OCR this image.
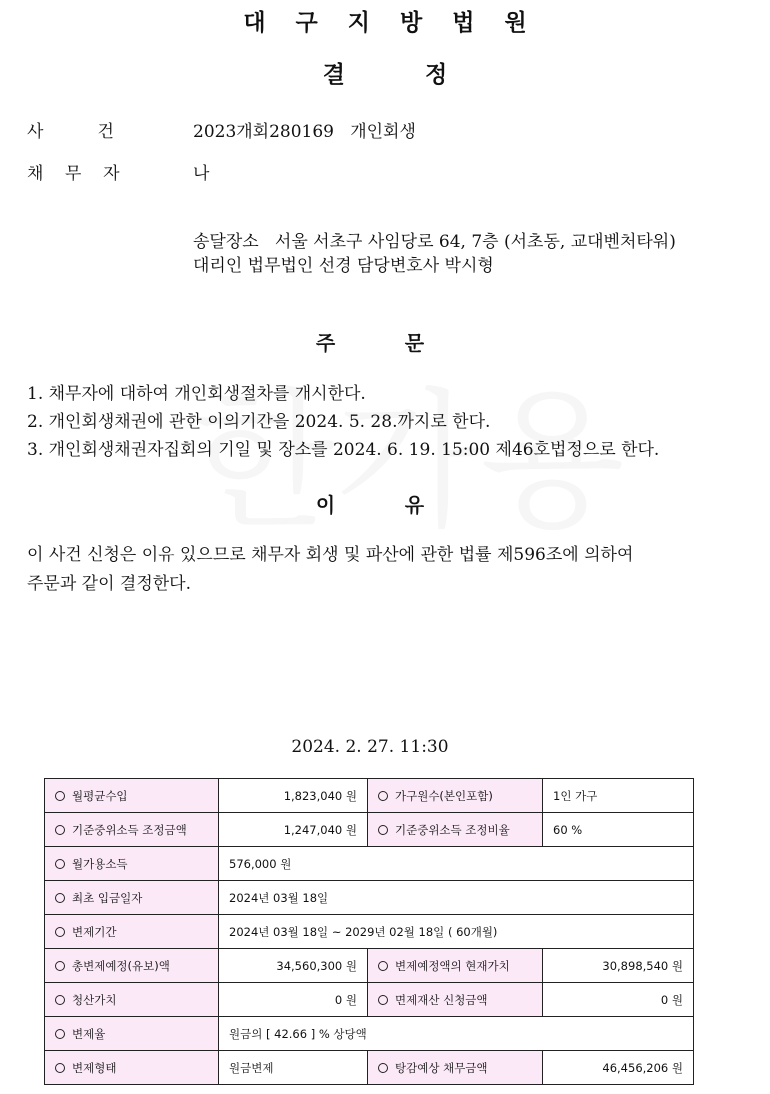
대 구 지 방 법 원
결          정
사          건	2023개회280169   개인회생
채    무    자	나
송달장소   서울 서초구 사임당로 64, 7층 (서초동, 교대벤처타워)
대리인 법무법인 선경 담당변호사 박시형
주          문
1. 채무자에 대하여 개인회생절차를 개시한다.
2. 개인회생채권에 관한 이의기간을 2024. 5. 28.까지로 한다.
3. 개인회생채권자집회의 기일 및 장소를 2024. 6. 19. 15:00 제46호법정으로 한다.
이          유
이 사건 신청은 이유 있으므로 채무자 회생 및 파산에 관한 법률 제596조에 의하여
주문과 같이 결정한다.
2024. 2. 27. 11:30
월평균수입	1,823,040 원	가구원수(본인포함)	1인 가구
기준중위소득 조정금액	1,247,040 원	기준중위소득 조정비율	60 %
월가용소득	576,000 원		
최초 입금일자	2024년 03월 18일		
변제기간	2024년 03월 18일 ~ 2029년 02월 18일 ( 60개월)		
총변제예정(유보)액	34,560,300 원	변제예정액의 현재가치	30,898,540 원
청산가치	0 원	면제재산 신청금액	0 원
변제율	원금의 [ 42.66 ] % 상당액		
변제형태	원금변제	탕감예상 채무금액	46,456,206 원
